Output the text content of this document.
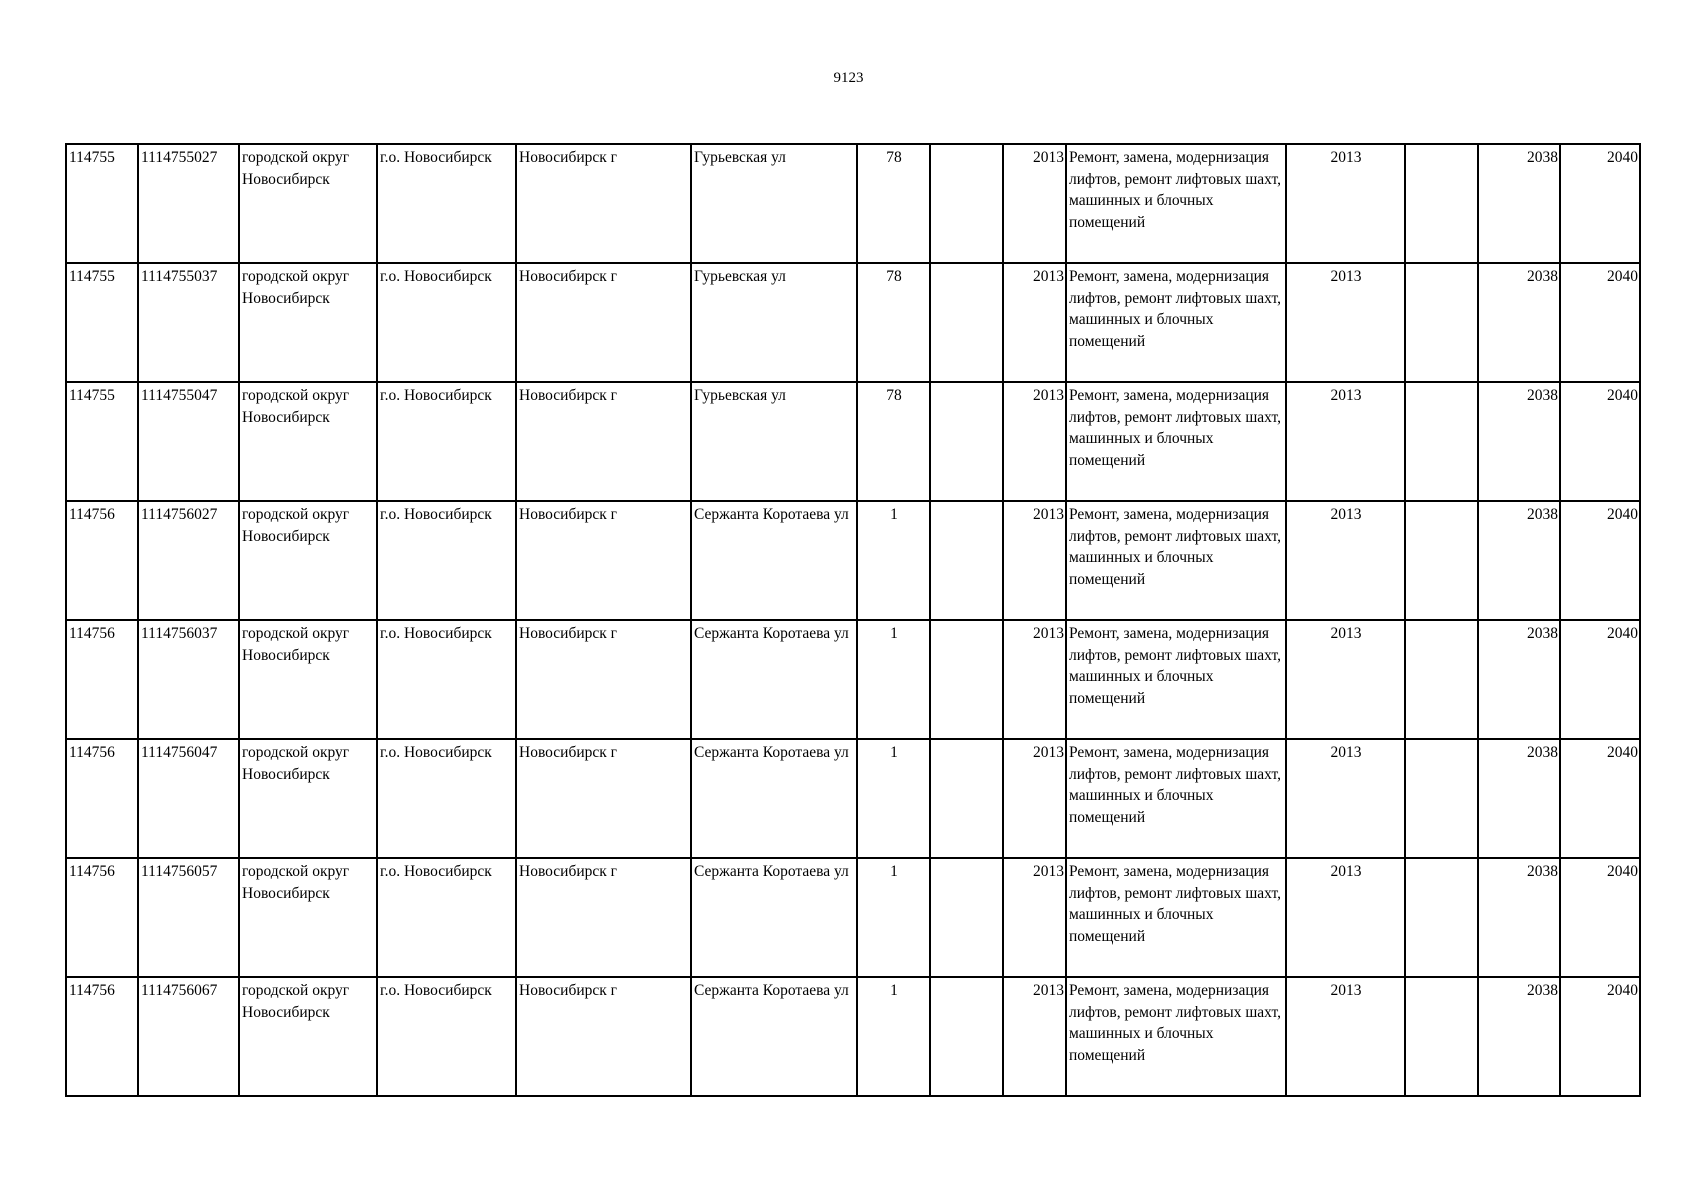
9123
114755	1114755027	городской округ Новосибирск	г.о. Новосибирск	Новосибирск г	Гурьевская ул	78		2013	Ремонт, замена, модернизация лифтов, ремонт лифтовых шахт, машинных и блочных помещений	2013		2038	2040
114755	1114755037	городской округ Новосибирск	г.о. Новосибирск	Новосибирск г	Гурьевская ул	78		2013	Ремонт, замена, модернизация лифтов, ремонт лифтовых шахт, машинных и блочных помещений	2013		2038	2040
114755	1114755047	городской округ Новосибирск	г.о. Новосибирск	Новосибирск г	Гурьевская ул	78		2013	Ремонт, замена, модернизация лифтов, ремонт лифтовых шахт, машинных и блочных помещений	2013		2038	2040
114756	1114756027	городской округ Новосибирск	г.о. Новосибирск	Новосибирск г	Сержанта Коротаева ул	1		2013	Ремонт, замена, модернизация лифтов, ремонт лифтовых шахт, машинных и блочных помещений	2013		2038	2040
114756	1114756037	городской округ Новосибирск	г.о. Новосибирск	Новосибирск г	Сержанта Коротаева ул	1		2013	Ремонт, замена, модернизация лифтов, ремонт лифтовых шахт, машинных и блочных помещений	2013		2038	2040
114756	1114756047	городской округ Новосибирск	г.о. Новосибирск	Новосибирск г	Сержанта Коротаева ул	1		2013	Ремонт, замена, модернизация лифтов, ремонт лифтовых шахт, машинных и блочных помещений	2013		2038	2040
114756	1114756057	городской округ Новосибирск	г.о. Новосибирск	Новосибирск г	Сержанта Коротаева ул	1		2013	Ремонт, замена, модернизация лифтов, ремонт лифтовых шахт, машинных и блочных помещений	2013		2038	2040
114756	1114756067	городской округ Новосибирск	г.о. Новосибирск	Новосибирск г	Сержанта Коротаева ул	1		2013	Ремонт, замена, модернизация лифтов, ремонт лифтовых шахт, машинных и блочных помещений	2013		2038	2040
